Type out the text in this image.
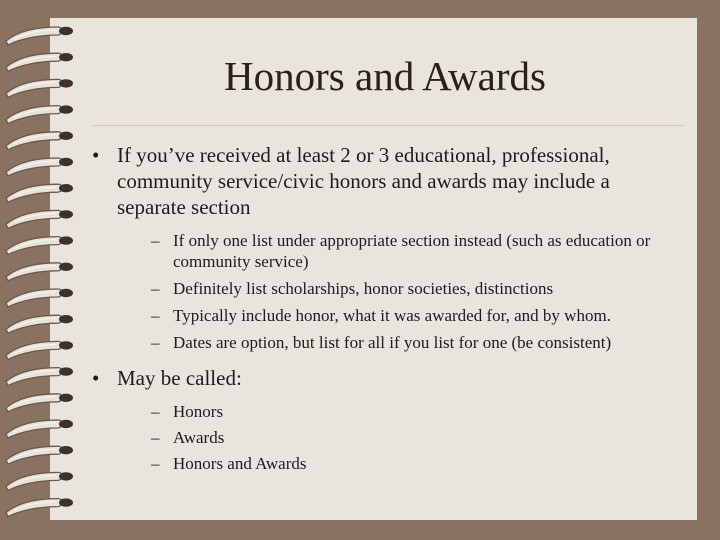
Honors and Awards
• If you’ve received at least 2 or 3 educational, professional, community service/civic honors and awards may include a separate section
– If only one list under appropriate section instead (such as education or community service)
– Definitely list scholarships, honor societies, distinctions
– Typically include honor, what it was awarded for, and by whom.
– Dates are option, but list for all if you list for one (be consistent)
• May be called:
– Honors
– Awards
– Honors and Awards
